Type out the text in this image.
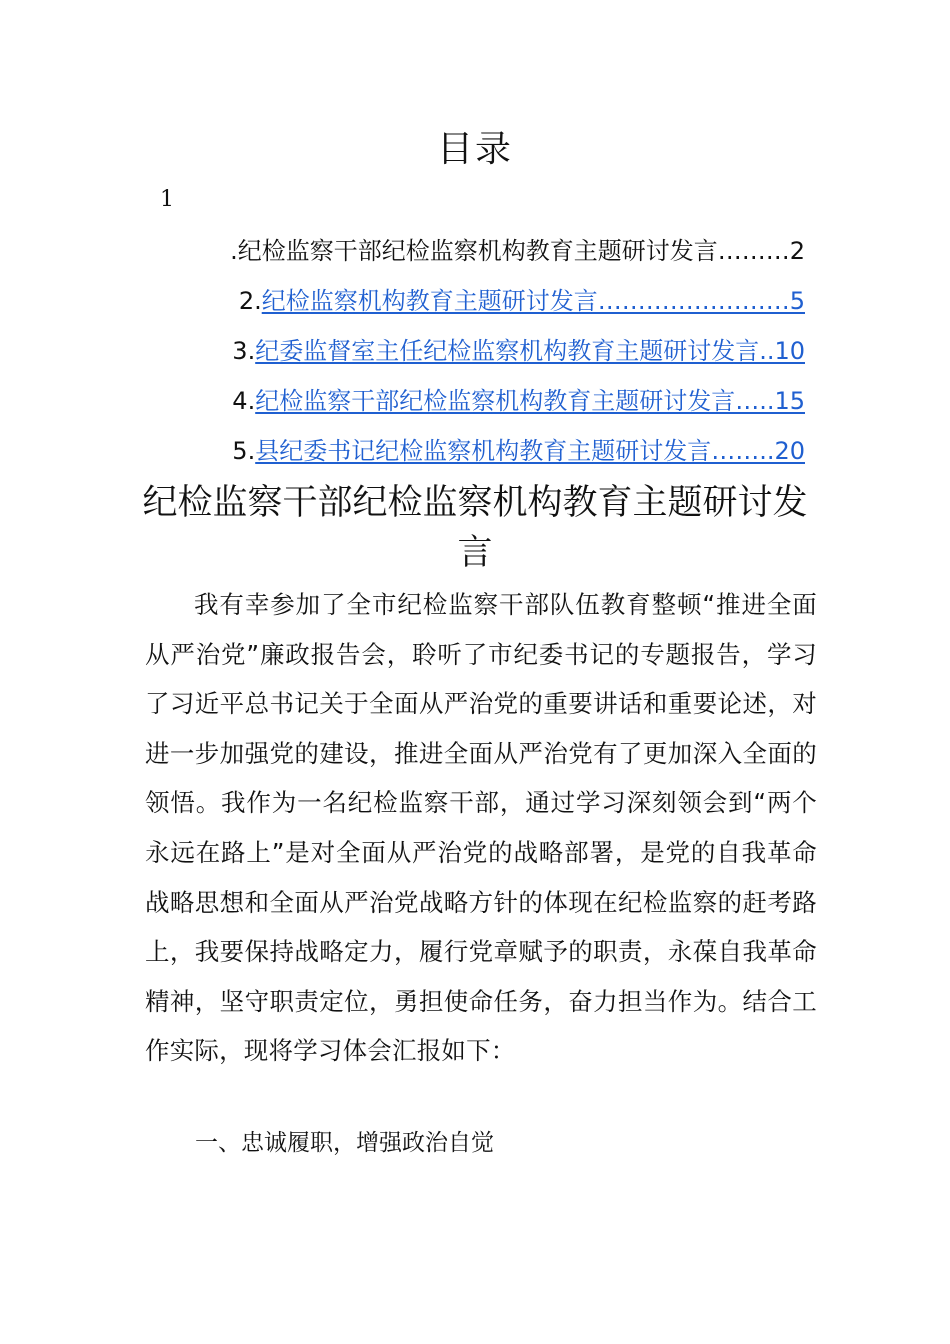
目录
1
.纪检监察干部纪检监察机构教育主题研讨发言………2
2.纪检监察机构教育主题研讨发言……………………5
3.纪委监督室主任纪检监察机构教育主题研讨发言..10
4.纪检监察干部纪检监察机构教育主题研讨发言…..15
5.县纪委书记纪检监察机构教育主题研讨发言……..20
纪检监察干部纪检监察机构教育主题研讨发言
我有幸参加了全市纪检监察干部队伍教育整顿“推进全面从严治党”廉政报告会，聆听了市纪委书记的专题报告，学习了习近平总书记关于全面从严治党的重要讲话和重要论述，对进一步加强党的建设，推进全面从严治党有了更加深入全面的领悟。我作为一名纪检监察干部，通过学习深刻领会到“两个永远在路上”是对全面从严治党的战略部署，是党的自我革命战略思想和全面从严治党战略方针的体现在纪检监察的赶考路上，我要保持战略定力，履行党章赋予的职责，永葆自我革命精神，坚守职责定位，勇担使命任务，奋力担当作为。结合工作实际，现将学习体会汇报如下：
一、忠诚履职，增强政治自觉
